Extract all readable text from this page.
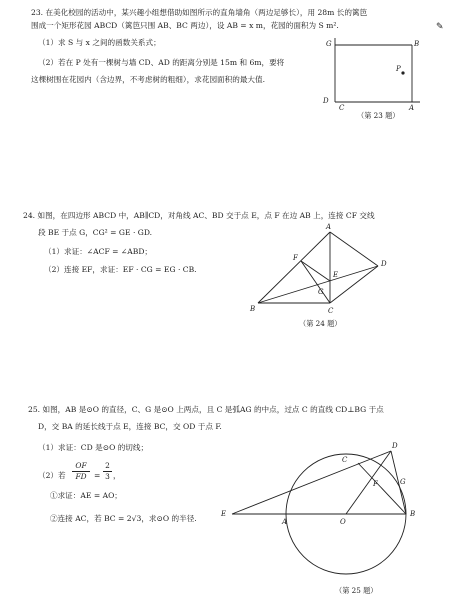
23. 在美化校园的活动中，某兴趣小组想借助如图所示的直角墙角（两边足够长），用 28m 长的篱笆
围成一个矩形花园 ABCD（篱笆只围 AB、BC 两边），设 AB = x m，花园的面积为 S m².	✎
（1）求 S 与 x 之间的函数关系式；
（2）若在 P 处有一棵树与墙 CD、AD 的距离分别是 15m 和 6m，要将
这棵树围在花园内（含边界，不考虑树的粗细），求花园面积的最大值.
G	B
P
D
C	A
（第 23 题）
24. 如图，在四边形 ABCD 中，AB∥CD，对角线 AC、BD 交于点 E，点 F 在边 AB 上，连接 CF 交线
段 BE 于点 G，CG² = GE · GD.
（1）求证：∠ACF = ∠ABD；
（2）连接 EF，求证：EF · CG = EG · CB.
A
F
E
D
G
B	C
（第 24 题）
25. 如图，AB 是⊙O 的直径，C、G 是⊙O 上两点，且 C 是弧AG 的中点，过点 C 的直线 CD⊥BG 于点
D，交 BA 的延长线于点 E，连接 BC，交 OD 于点 F.
（1）求证：CD 是⊙O 的切线；
（2）若 $\frac{OF}{FD} = \frac{2}{3}$ ，
①求证：AE = AO；
②连接 AC，若 BC = 2√3，求⊙O 的半径.
D
C
G
F
E
A	O
B
（第 25 题）
